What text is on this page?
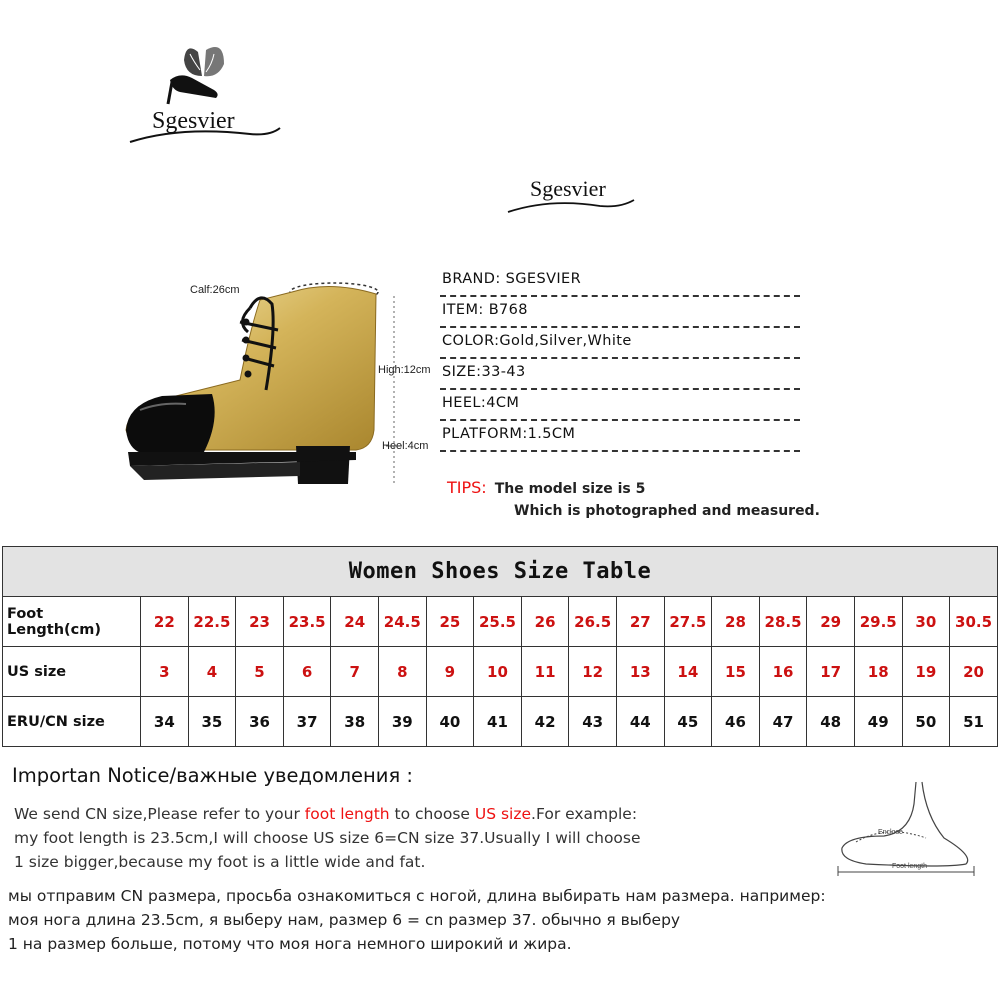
Sgesvier
Sgesvier
Calf:26cm
High:12cm
Heel:4cm
BRAND: SGESVIER
ITEM: B768
COLOR:Gold,Silver,White
SIZE:33-43
HEEL:4CM
PLATFORM:1.5CM
TIPS: The model size is 5
Which is photographed and measured.
Women Shoes Size Table																		
Foot Length(cm)	22	22.5	23	23.5	24	24.5	25	25.5	26	26.5	27	27.5	28	28.5	29	29.5	30	30.5
US size	3	4	5	6	7	8	9	10	11	12	13	14	15	16	17	18	19	20
ERU/CN size	34	35	36	37	38	39	40	41	42	43	44	45	46	47	48	49	50	51
Importan Notice/важные уведомления :
We send CN size,Please refer to your foot length to choose US size.For example:
my foot length is 23.5cm,I will choose US size 6=CN size 37.Usually I will choose
1 size bigger,because my foot is a little wide and fat.
мы отправим CN размера, просьба ознакомиться с ногой, длина выбирать нам размера. например:
моя нога длина 23.5cm, я выберу нам, размер 6 = cn размер 37. обычно я выберу
1 на размер больше, потому что моя нога немного широкий и жира.
Enclose
Foot length
